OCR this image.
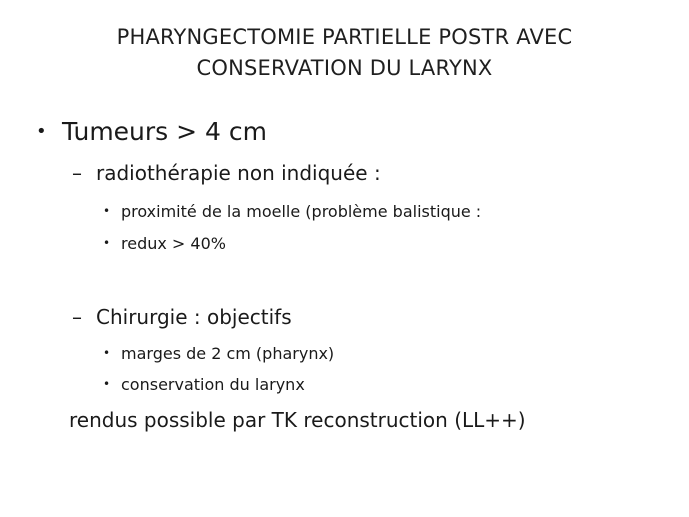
PHARYNGECTOMIE PARTIELLE POSTR AVEC
CONSERVATION DU LARYNX
• Tumeurs > 4 cm
– radiothérapie non indiquée :
• proximité de la moelle (problème balistique :
• redux > 40%
– Chirurgie : objectifs
• marges de 2 cm (pharynx)
• conservation du larynx
rendus possible par TK reconstruction (LL++)
